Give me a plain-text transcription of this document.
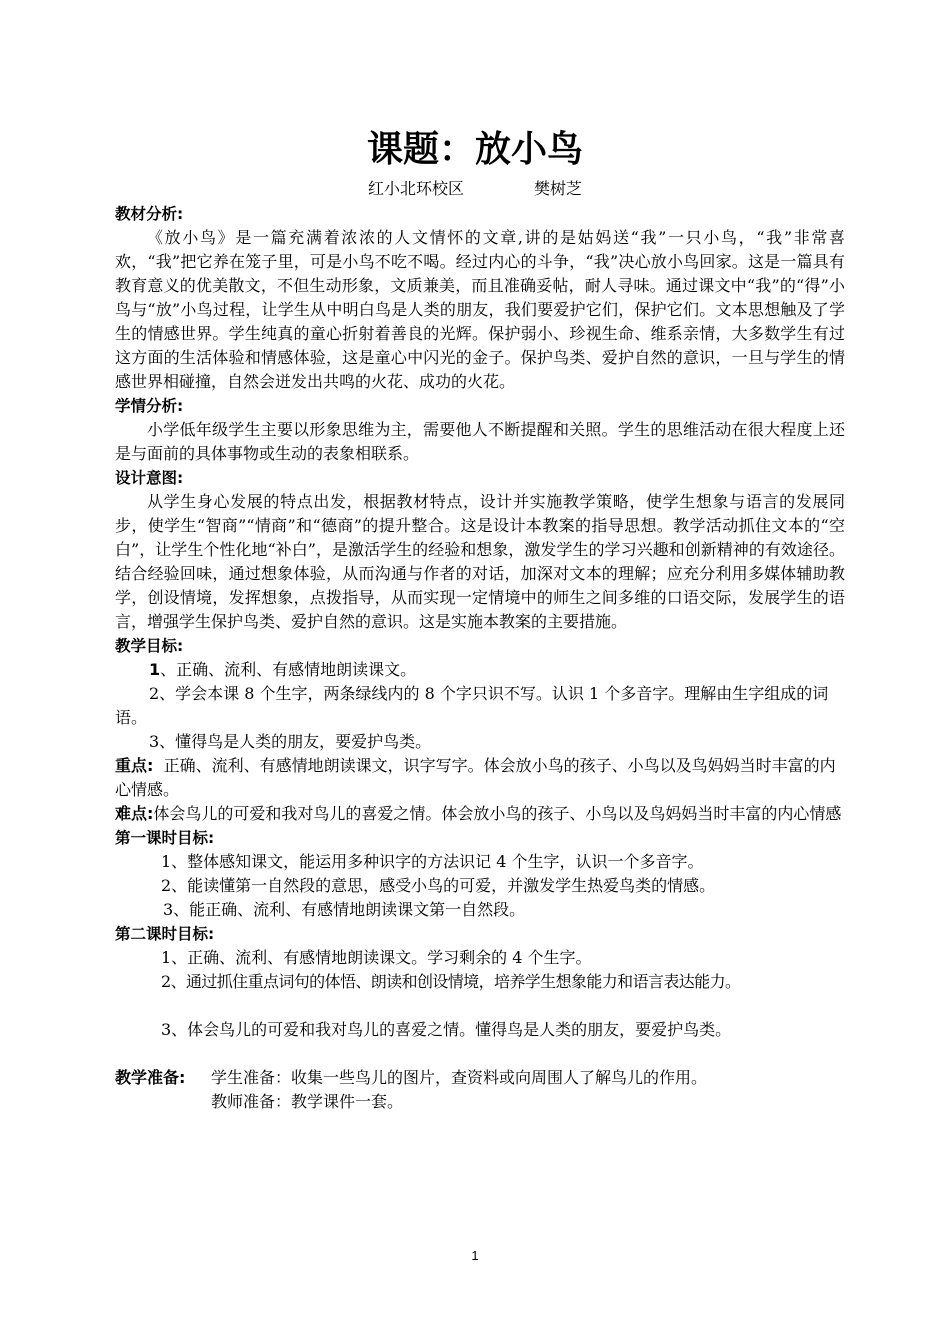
课题：放小鸟
红小北环校区	樊树芝

教材分析:

《放小鸟》是一篇充满着浓浓的人文情怀的文章,讲的是姑妈送“我”一只小鸟，“我”非常喜欢，“我”把它养在笼子里，可是小鸟不吃不喝。经过内心的斗争，“我”决心放小鸟回家。这是一篇具有教育意义的优美散文，不但生动形象，文质兼美，而且准确妥帖，耐人寻味。通过课文中“我”的“得”小鸟与“放”小鸟过程，让学生从中明白鸟是人类的朋友，我们要爱护它们，保护它们。文本思想触及了学生的情感世界。学生纯真的童心折射着善良的光辉。保护弱小、珍视生命、维系亲情，大多数学生有过这方面的生活体验和情感体验，这是童心中闪光的金子。保护鸟类、爱护自然的意识，一旦与学生的情感世界相碰撞，自然会迸发出共鸣的火花、成功的火花。

学情分析:

小学低年级学生主要以形象思维为主，需要他人不断提醒和关照。学生的思维活动在很大程度上还是与面前的具体事物或生动的表象相联系。

设计意图:

从学生身心发展的特点出发，根据教材特点，设计并实施教学策略，使学生想象与语言的发展同步，使学生“智商”“情商”和“德商”的提升整合。这是设计本教案的指导思想。教学活动抓住文本的“空白”，让学生个性化地“补白”，是激活学生的经验和想象，激发学生的学习兴趣和创新精神的有效途径。结合经验回味，通过想象体验，从而沟通与作者的对话，加深对文本的理解；应充分利用多媒体辅助教学，创设情境，发挥想象，点拨指导，从而实现一定情境中的师生之间多维的口语交际，发展学生的语言，增强学生保护鸟类、爱护自然的意识。这是实施本教案的主要措施。

教学目标:

1、正确、流利、有感情地朗读课文。

2、学会本课 8 个生字，两条绿线内的 8 个字只识不写。认识 1 个多音字。理解由生字组成的词语。

3、懂得鸟是人类的朋友，要爱护鸟类。

重点:  正确、流利、有感情地朗读课文，识字写字。体会放小鸟的孩子、小鸟以及鸟妈妈当时丰富的内心情感。

难点:体会鸟儿的可爱和我对鸟儿的喜爱之情。体会放小鸟的孩子、小鸟以及鸟妈妈当时丰富的内心情感

第一课时目标:

1、整体感知课文，能运用多种识字的方法识记 4 个生字，认识一个多音字。

2、能读懂第一自然段的意思，感受小鸟的可爱，并激发学生热爱鸟类的情感。

3、能正确、流利、有感情地朗读课文第一自然段。

第二课时目标:

1、正确、流利、有感情地朗读课文。学习剩余的 4 个生字。

2、通过抓住重点词句的体悟、朗读和创设情境，培养学生想象能力和语言表达能力。

3、体会鸟儿的可爱和我对鸟儿的喜爱之情。懂得鸟是人类的朋友，要爱护鸟类。

教学准备:	学生准备：收集一些鸟儿的图片，查资料或向周围人了解鸟儿的作用。

教师准备：教学课件一套。

1
